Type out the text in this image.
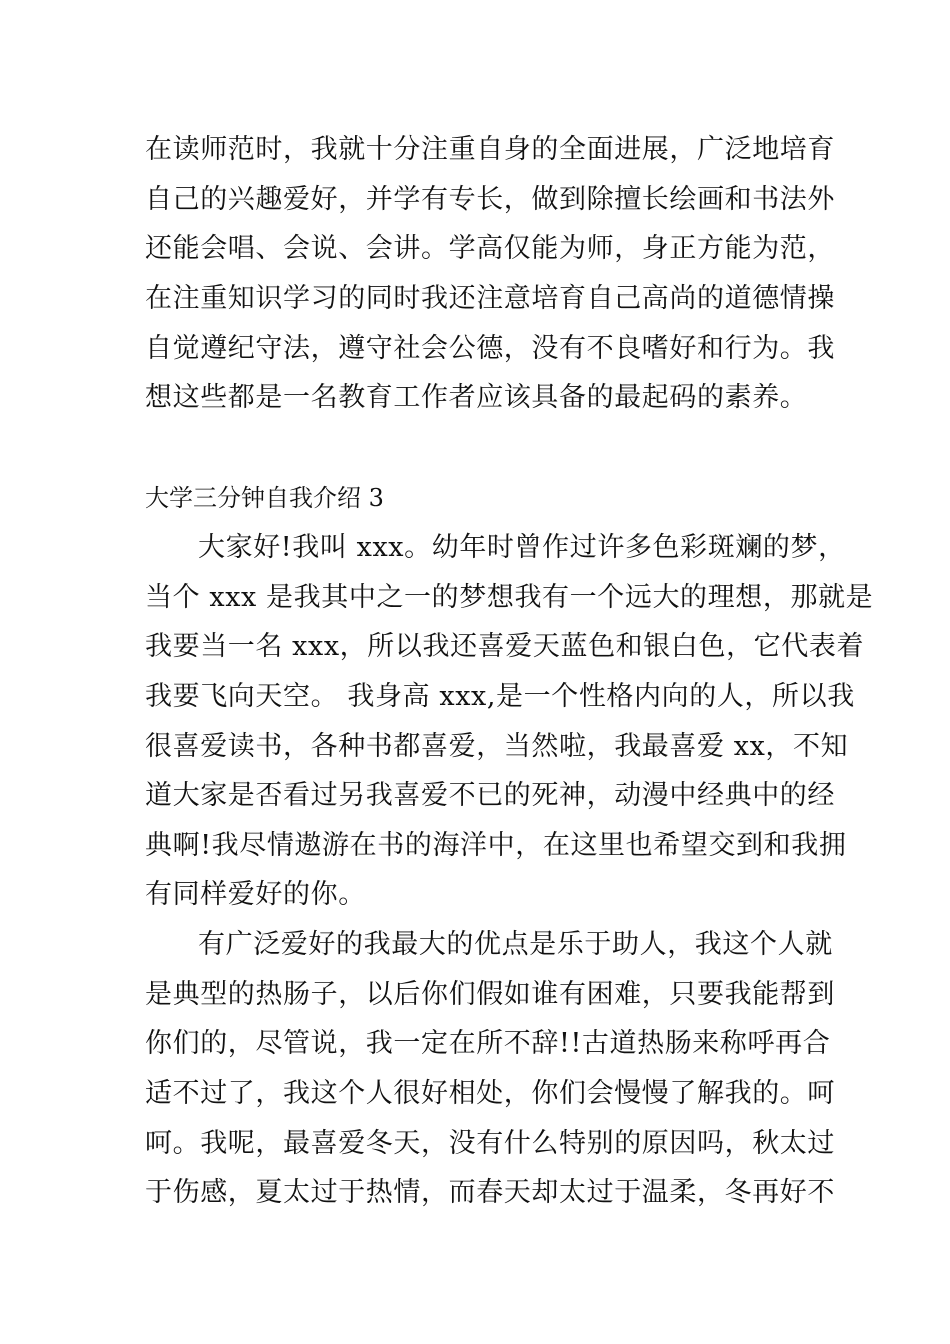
在读师范时，我就十分注重自身的全面进展，广泛地培育
自己的兴趣爱好，并学有专长，做到除擅长绘画和书法外
还能会唱、会说、会讲。学高仅能为师，身正方能为范，
在注重知识学习的同时我还注意培育自己高尚的道德情操
自觉遵纪守法，遵守社会公德，没有不良嗜好和行为。我
想这些都是一名教育工作者应该具备的最起码的素养。
大学三分钟自我介绍 3
大家好!我叫 xxx。幼年时曾作过许多色彩斑斓的梦，
当个 xxx 是我其中之一的梦想我有一个远大的理想，那就是
我要当一名 xxx，所以我还喜爱天蓝色和银白色，它代表着
我要飞向天空。 我身高 xxx,是一个性格内向的人，所以我
很喜爱读书，各种书都喜爱，当然啦，我最喜爱 xx，不知
道大家是否看过另我喜爱不已的死神，动漫中经典中的经
典啊!我尽情遨游在书的海洋中，在这里也希望交到和我拥
有同样爱好的你。
有广泛爱好的我最大的优点是乐于助人，我这个人就
是典型的热肠子，以后你们假如谁有困难，只要我能帮到
你们的，尽管说，我一定在所不辞!!古道热肠来称呼再合
适不过了，我这个人很好相处，你们会慢慢了解我的。呵
呵。我呢，最喜爱冬天，没有什么特别的原因吗，秋太过
于伤感，夏太过于热情，而春天却太过于温柔，冬再好不
